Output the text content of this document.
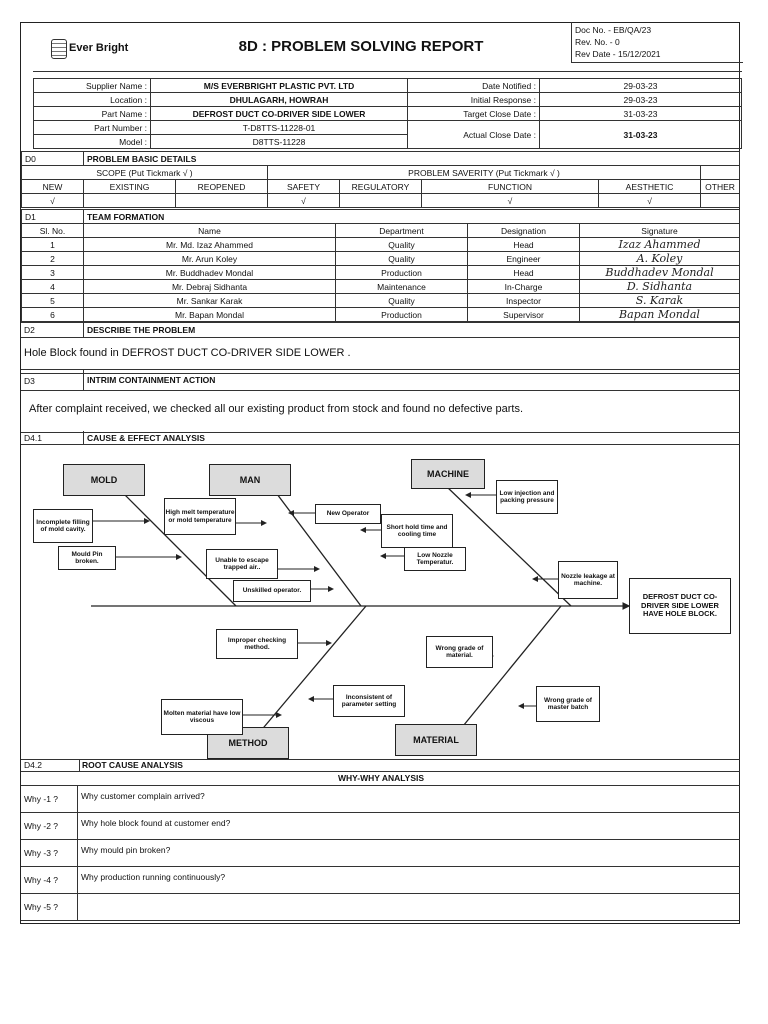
Ever Bright	8D : PROBLEM SOLVING REPORT
Doc No. - EB/QA/23
Rev. No. - 0
Rev Date - 15/12/2021
Supplier Name :	M/S EVERBRIGHT PLASTIC PVT. LTD	Date Notified :	29-03-23
Location :	DHULAGARH, HOWRAH	Initial Response :	29-03-23
Part Name :	DEFROST DUCT CO-DRIVER SIDE LOWER	Target Close Date :	31-03-23
Part Number :	T-D8TTS-11228-01	Actual Close Date :	31-03-23
Model :	D8TTS-11228		
D0	PROBLEM BASIC DETAILS						
SCOPE (Put Tickmark √ )			PROBLEM SAVERITY (Put Tickmark √ )				
NEW	EXISTING	REOPENED	SAFETY	REGULATORY	FUNCTION	AESTHETIC	OTHER
√			√		√	√	
D1	TEAM FORMATION			
Sl. No.	Name	Department	Designation	Signature
1	Mr. Md. Izaz Ahammed	Quality	Head	Izaz Ahammed
2	Mr. Arun Koley	Quality	Engineer	A. Koley
3	Mr. Buddhadev Mondal	Production	Head	Buddhadev Mondal
4	Mr. Debraj Sidhanta	Maintenance	In-Charge	D. Sidhanta
5	Mr. Sankar Karak	Quality	Inspector	S. Karak
6	Mr. Bapan Mondal	Production	Supervisor	Bapan Mondal
D2	DESCRIBE THE PROBLEM
Hole Block found in DEFROST DUCT CO-DRIVER SIDE LOWER .
D3	INTRIM CONTAINMENT ACTION
After complaint received, we checked all our existing product from stock and found no defective parts.
D4.1	CAUSE & EFFECT ANALYSIS
MOLD	MAN
MACHINE
METHOD	MATERIAL
DEFROST DUCT CO-DRIVER SIDE LOWER HAVE HOLE BLOCK.
Incomplete filling of mold cavity.
High melt temperature or mold temperature
Mould Pin broken.	Unable to escape trapped air..
Unskilled operator.
New Operator
Short hold time and cooling time
Low injection and packing pressure
Low Nozzle Temperatur.
Nozzle leakage at machine.
Improper checking method.
Molten material have low viscous
Inconsistent of parameter setting
Wrong grade of material.
Wrong grade of master batch
D4.2	ROOT CAUSE ANALYSIS
WHY-WHY ANALYSIS
Why -1 ?	Why customer complain arrived?
Why -2 ?	Why hole block found at customer end?
Why -3 ?	Why mould pin broken?
Why -4 ?	Why production running continuously?
Why -5 ?
